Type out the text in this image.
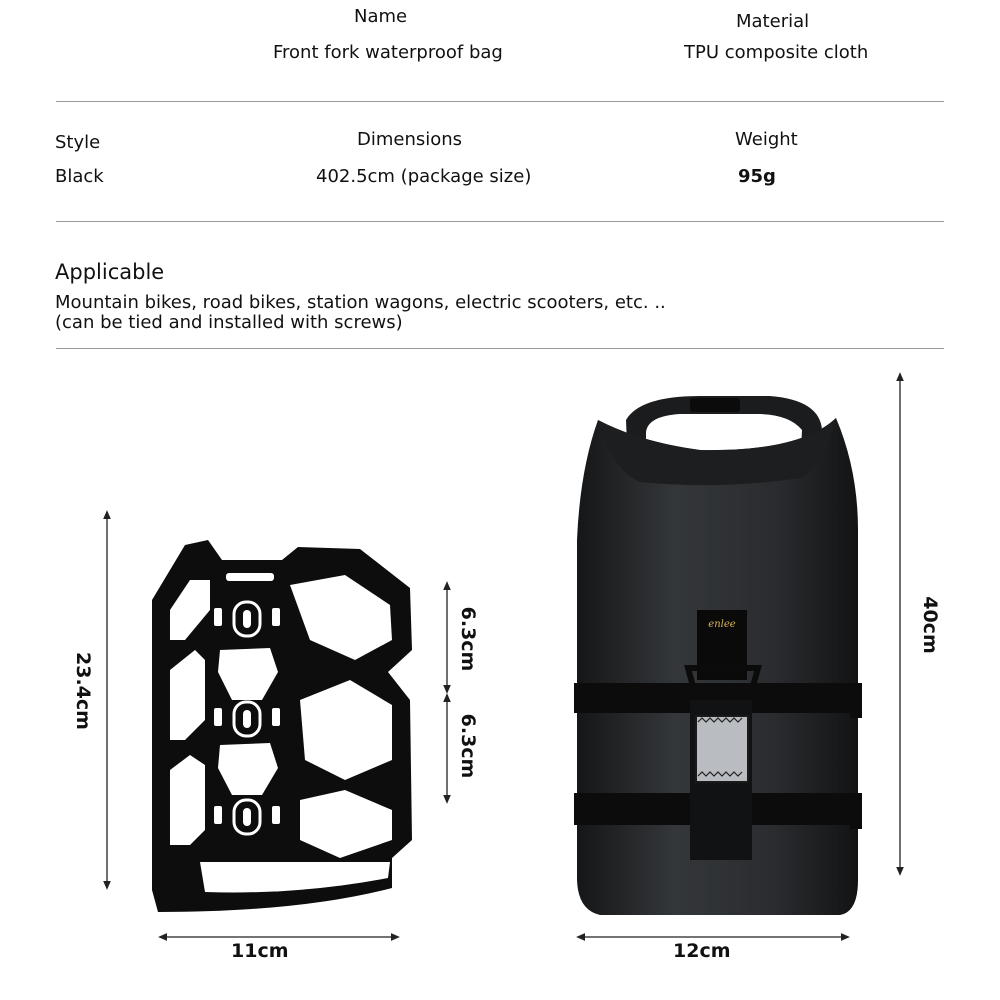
Name
Front fork waterproof bag
Material
TPU composite cloth
Style
Black
Dimensions
402.5cm (package size)
Weight
95g
Applicable
Mountain bikes, road bikes, station wagons, electric scooters, etc. ..
(can be tied and installed with screws)
enlee
23.4cm
11cm
6.3cm
6.3cm
40cm
12cm
